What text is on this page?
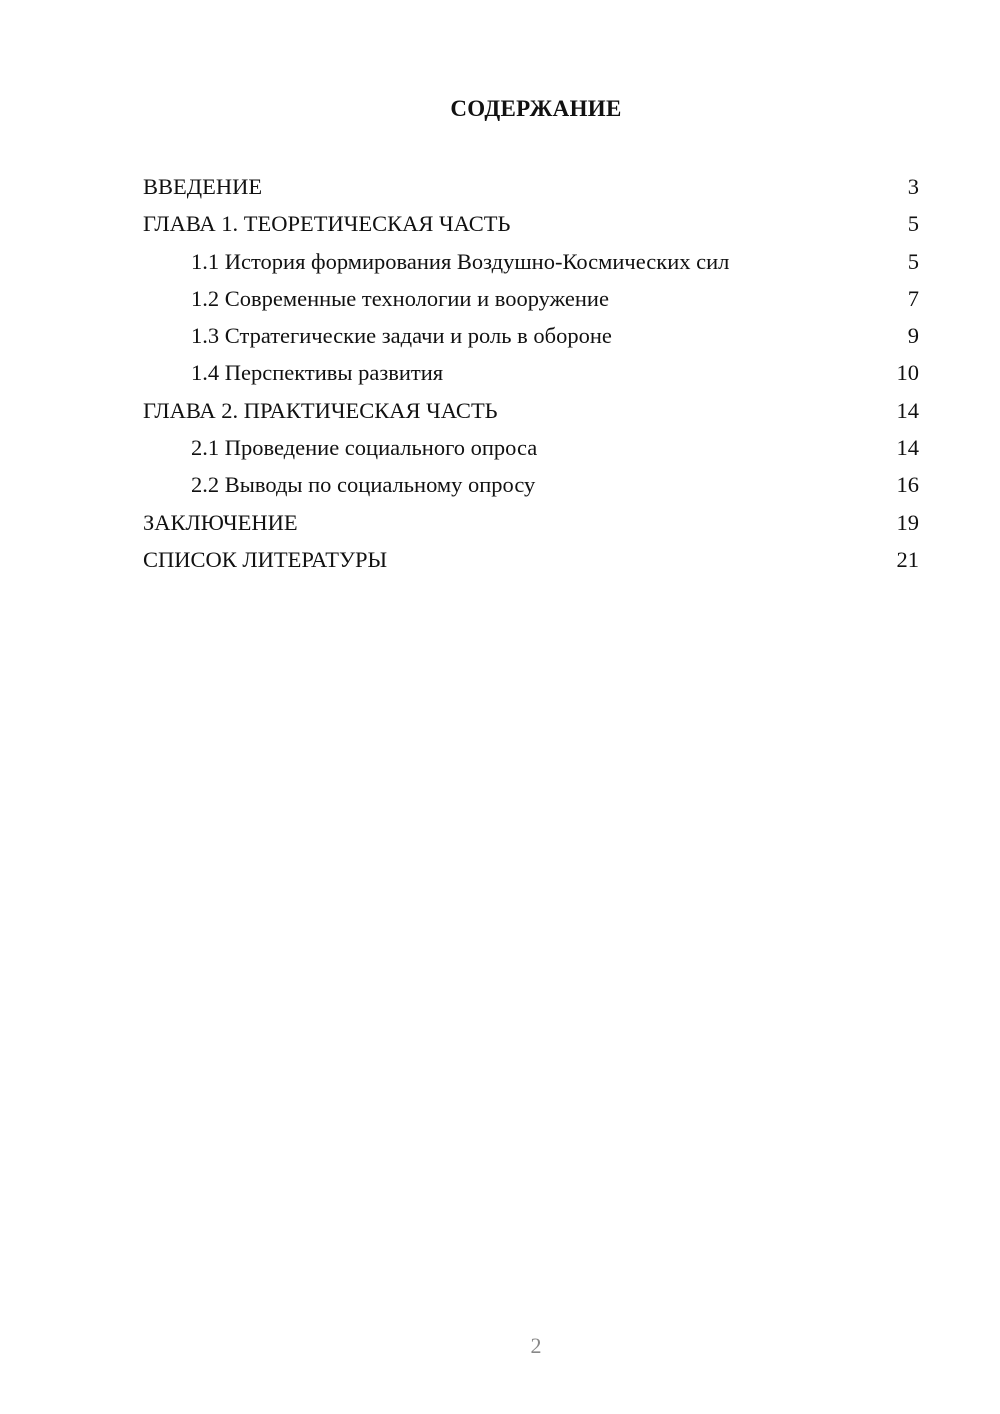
СОДЕРЖАНИЕ
ВВЕДЕНИЕ	3
ГЛАВА 1. ТЕОРЕТИЧЕСКАЯ ЧАСТЬ	5
1.1 История формирования Воздушно-Космических сил	5
1.2 Современные технологии и вооружение	7
1.3 Стратегические задачи и роль в обороне	9
1.4 Перспективы развития	10
ГЛАВА 2. ПРАКТИЧЕСКАЯ ЧАСТЬ	14
2.1 Проведение социального опроса	14
2.2 Выводы по социальному опросу	16
ЗАКЛЮЧЕНИЕ	19
СПИСОК ЛИТЕРАТУРЫ	21
2
